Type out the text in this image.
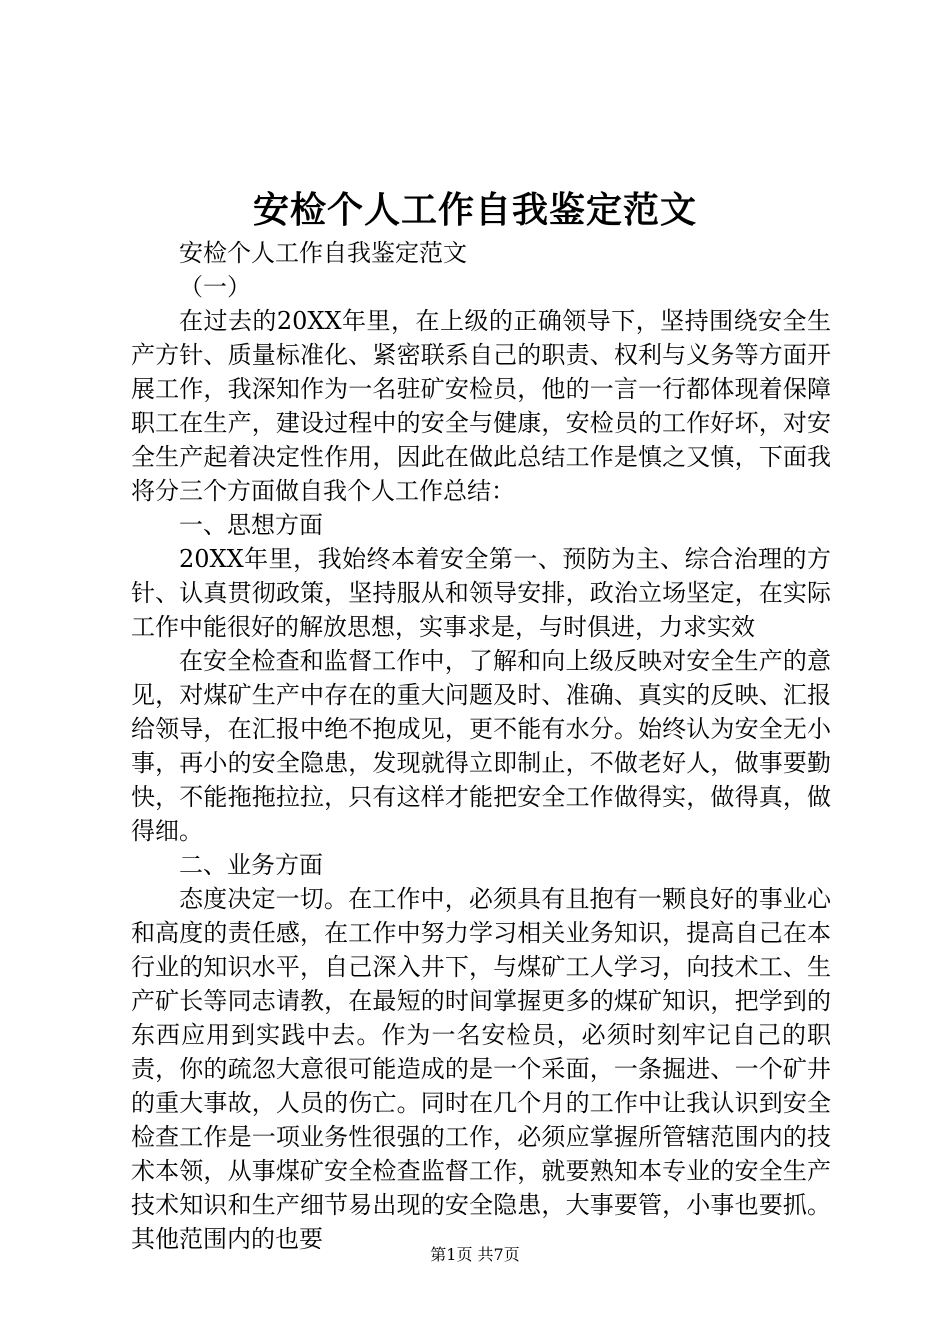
安检个人工作自我鉴定范文

安检个人工作自我鉴定范文

（一）

在过去的20XX年里，在上级的正确领导下，坚持围绕安全生产方针、质量标准化、紧密联系自己的职责、权利与义务等方面开展工作，我深知作为一名驻矿安检员，他的一言一行都体现着保障职工在生产，建设过程中的安全与健康，安检员的工作好坏，对安全生产起着决定性作用，因此在做此总结工作是慎之又慎，下面我将分三个方面做自我个人工作总结：

一、思想方面

20XX年里，我始终本着安全第一、预防为主、综合治理的方针、认真贯彻政策，坚持服从和领导安排，政治立场坚定，在实际工作中能很好的解放思想，实事求是，与时俱进，力求实效

在安全检查和监督工作中，了解和向上级反映对安全生产的意见，对煤矿生产中存在的重大问题及时、准确、真实的反映、汇报给领导，在汇报中绝不抱成见，更不能有水分。始终认为安全无小事，再小的安全隐患，发现就得立即制止，不做老好人，做事要勤快，不能拖拖拉拉，只有这样才能把安全工作做得实，做得真，做得细。

二、业务方面

态度决定一切。在工作中，必须具有且抱有一颗良好的事业心和高度的责任感，在工作中努力学习相关业务知识，提高自己在本行业的知识水平，自己深入井下，与煤矿工人学习，向技术工、生产矿长等同志请教，在最短的时间掌握更多的煤矿知识，把学到的东西应用到实践中去。作为一名安检员，必须时刻牢记自己的职责，你的疏忽大意很可能造成的是一个采面，一条掘进、一个矿井的重大事故，人员的伤亡。同时在几个月的工作中让我认识到安全检查工作是一项业务性很强的工作，必须应掌握所管辖范围内的技术本领，从事煤矿安全检查监督工作，就要熟知本专业的安全生产技术知识和生产细节易出现的安全隐患，大事要管，小事也要抓。其他范围内的也要

第1页 共7页
